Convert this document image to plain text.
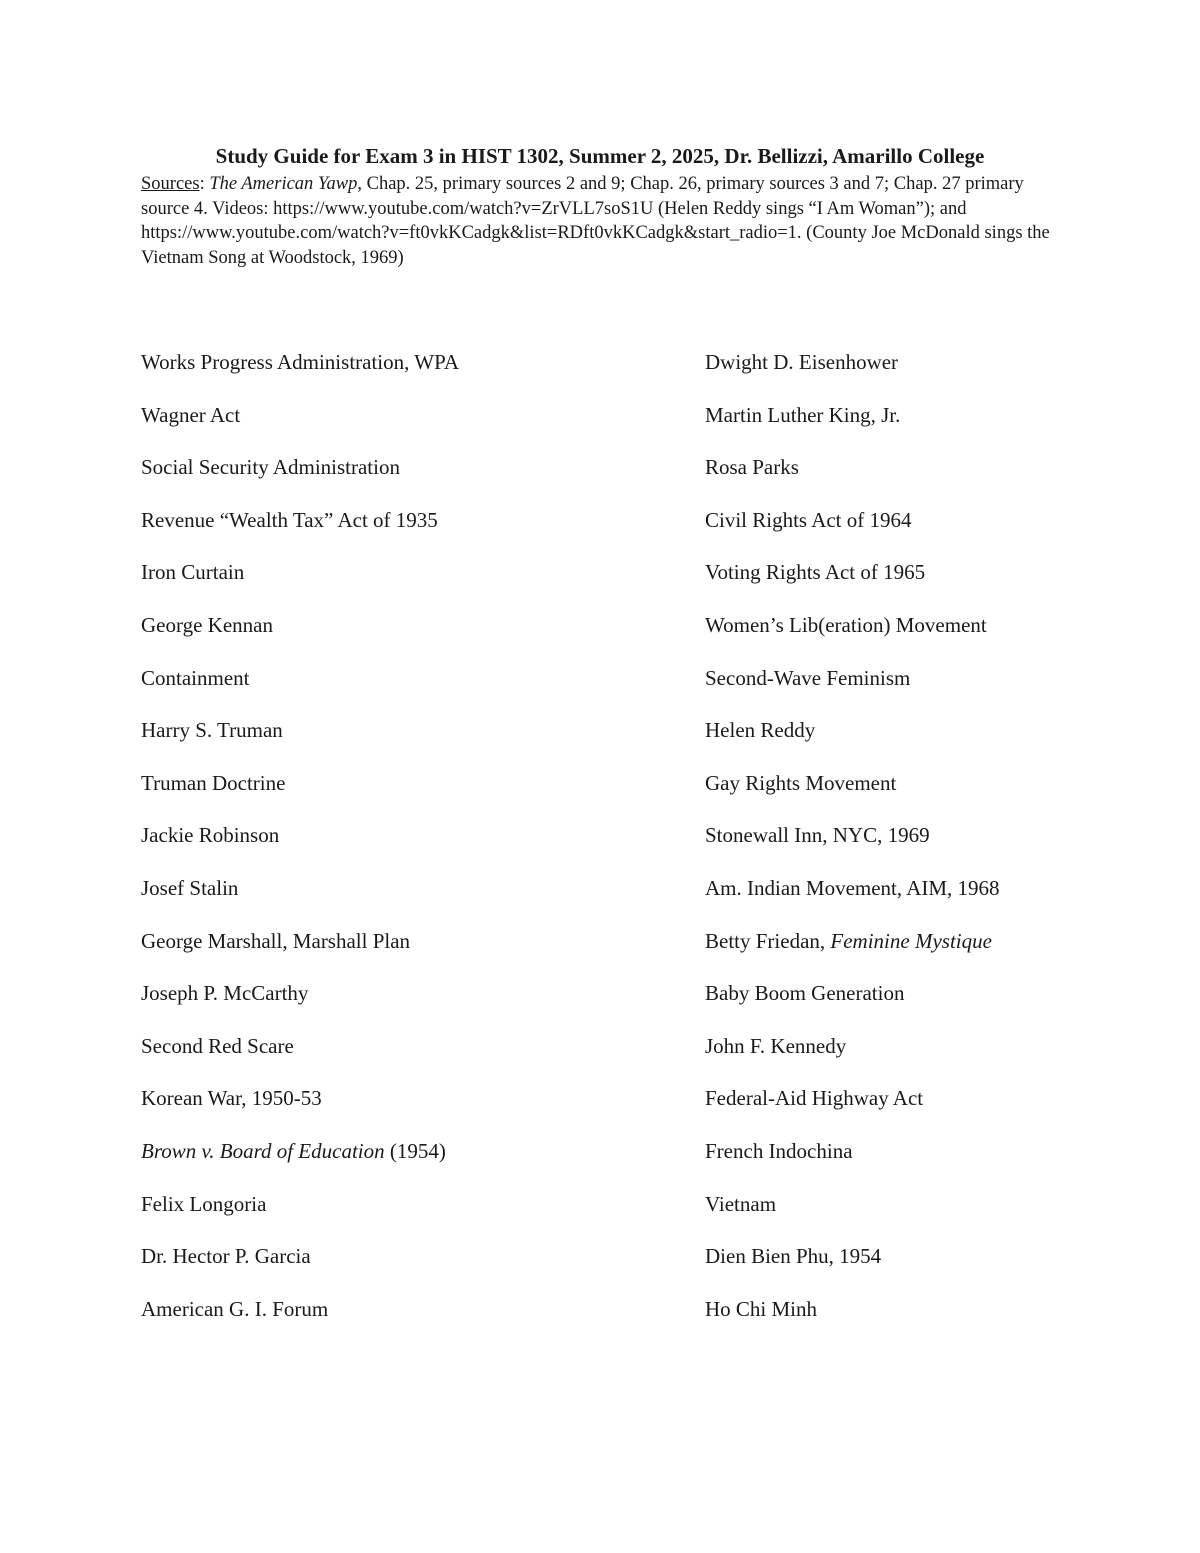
Study Guide for Exam 3 in HIST 1302, Summer 2, 2025, Dr. Bellizzi, Amarillo College
Sources: The American Yawp, Chap. 25, primary sources 2 and 9; Chap. 26, primary sources 3 and 7; Chap. 27 primary source 4. Videos: https://www.youtube.com/watch?v=ZrVLL7soS1U (Helen Reddy sings “I Am Woman”); and https://www.youtube.com/watch?v=ft0vkKCadgk&list=RDft0vkKCadgk&start_radio=1. (County Joe McDonald sings the Vietnam Song at Woodstock, 1969)
Works Progress Administration, WPA
Wagner Act
Social Security Administration
Revenue “Wealth Tax” Act of 1935
Iron Curtain
George Kennan
Containment
Harry S. Truman
Truman Doctrine
Jackie Robinson
Josef Stalin
George Marshall, Marshall Plan
Joseph P. McCarthy
Second Red Scare
Korean War, 1950-53
Brown v. Board of Education (1954)
Felix Longoria
Dr. Hector P. Garcia
American G. I. Forum
Dwight D. Eisenhower
Martin Luther King, Jr.
Rosa Parks
Civil Rights Act of 1964
Voting Rights Act of 1965
Women’s Lib(eration) Movement
Second-Wave Feminism
Helen Reddy
Gay Rights Movement
Stonewall Inn, NYC, 1969
Am. Indian Movement, AIM, 1968
Betty Friedan, Feminine Mystique
Baby Boom Generation
John F. Kennedy
Federal-Aid Highway Act
French Indochina
Vietnam
Dien Bien Phu, 1954
Ho Chi Minh
